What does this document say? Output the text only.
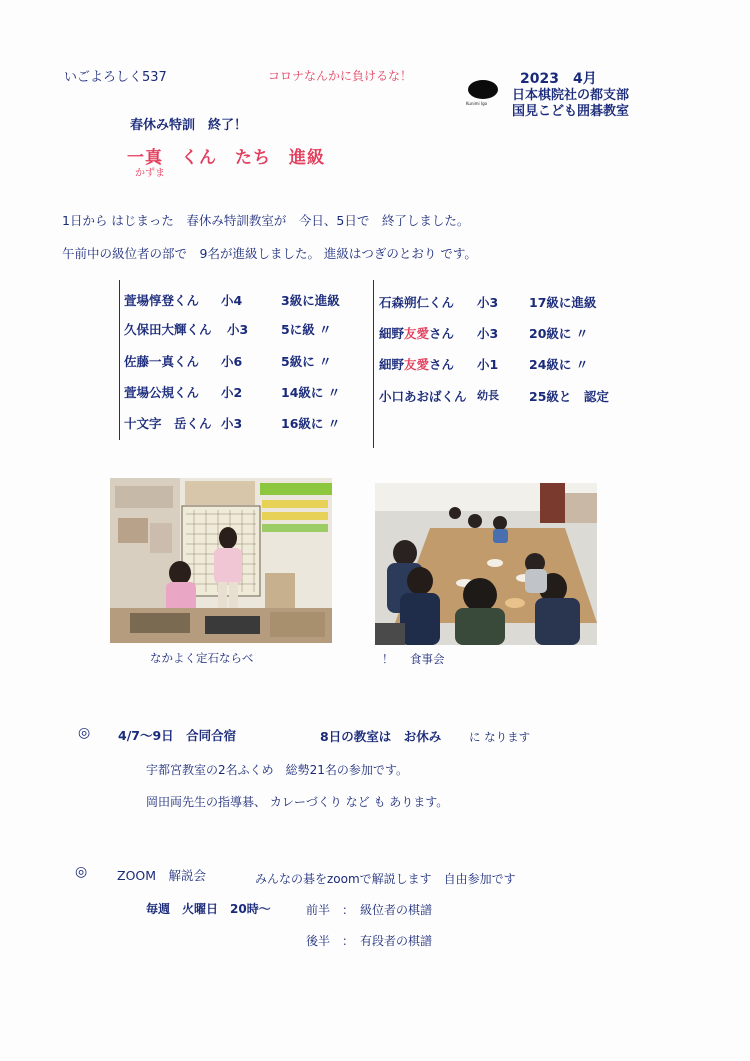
いごよろしく537	コロナなんかに負けるな！
Kunimi Igo
2023　4月
日本棋院社の都支部
国見こども囲碁教室
春休み特訓　終了！
一真　くん　たち　進級
かずま
1日から はじまった　春休み特訓教室が　今日、5日で　終了しました。
午前中の級位者の部で　9名が進級しました。 進級はつぎのとおり です。
萱場惇登くん 小4	3級に進級
久保田大輝くん 小3	5に級 〃
佐藤一真くん 小6	5級に 〃
萱場公規くん 小2	14級に 〃
十文字　岳くん 小3	16級に 〃
石森朔仁くん 小3 17級に進級
細野友愛さん 小3 20級に 〃
細野友愛さん 小1 24級に 〃
小口あおばくん 幼長 25級と　認定
なかよく定石ならべ	！ 食事会
◎ 4/7～9日　合同合宿	8日の教室は　お休み に なります
宇都宮教室の2名ふくめ　総勢21名の参加です。
岡田両先生の指導碁、 カレーづくり など も あります。
◎ ZOOM　解説会	みんなの碁をzoomで解説します　自由参加です
毎週　火曜日　20時～	前半　：　級位者の棋譜
後半　：　有段者の棋譜
